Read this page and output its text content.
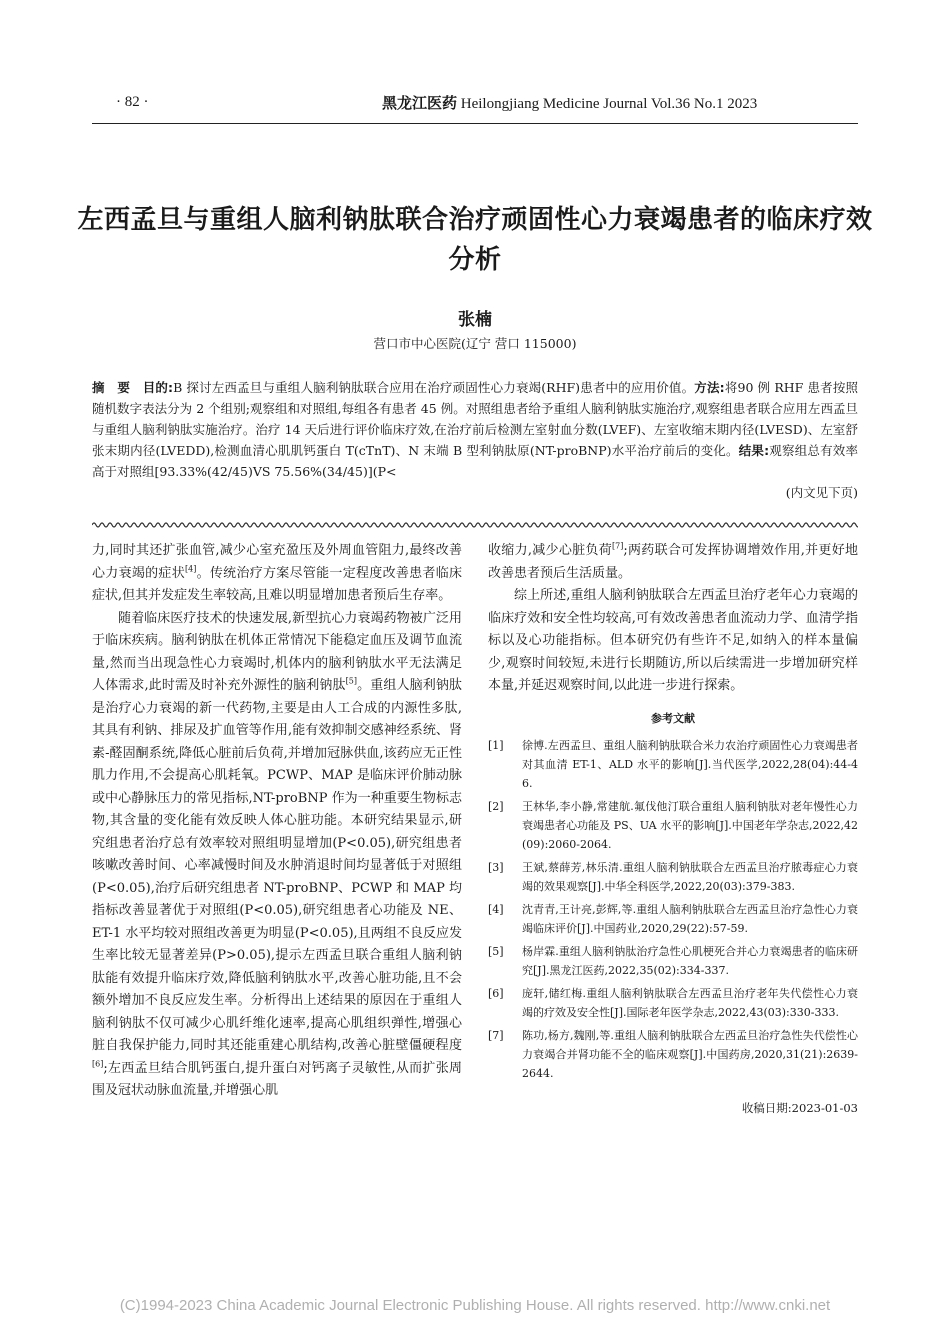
· 82 ·	黑龙江医药 Heilongjiang Medicine Journal Vol.36 No.1 2023
左西孟旦与重组人脑利钠肽联合治疗顽固性心力衰竭患者的临床疗效分析
张楠
营口市中心医院(辽宁 营口 115000)
摘　要　目的:B 探讨左西孟旦与重组人脑利钠肽联合应用在治疗顽固性心力衰竭(RHF)患者中的应用价值。方法:将90 例 RHF 患者按照随机数字表法分为 2 个组别;观察组和对照组,每组各有患者 45 例。对照组患者给予重组人脑利钠肽实施治疗,观察组患者联合应用左西孟旦与重组人脑利钠肽实施治疗。治疗 14 天后进行评价临床疗效,在治疗前后检测左室射血分数(LVEF)、左室收缩末期内径(LVESD)、左室舒张末期内径(LVEDD),检测血清心肌肌钙蛋白 T(cTnT)、N 末端 B 型利钠肽原(NT-proBNP)水平治疗前后的变化。结果:观察组总有效率高于对照组[93.33%(42/45)VS 75.56%(34/45)](P<
(内文见下页)

力,同时其还扩张血管,减少心室充盈压及外周血管阻力,最终改善心力衰竭的症状[4]。传统治疗方案尽管能一定程度改善患者临床症状,但其并发症发生率较高,且难以明显增加患者预后生存率。

随着临床医疗技术的快速发展,新型抗心力衰竭药物被广泛用于临床疾病。脑利钠肽在机体正常情况下能稳定血压及调节血流量,然而当出现急性心力衰竭时,机体内的脑利钠肽水平无法满足人体需求,此时需及时补充外源性的脑利钠肽[5]。重组人脑利钠肽是治疗心力衰竭的新一代药物,主要是由人工合成的内源性多肽,其具有利钠、排尿及扩血管等作用,能有效抑制交感神经系统、肾素-醛固酮系统,降低心脏前后负荷,并增加冠脉供血,该药应无正性肌力作用,不会提高心肌耗氧。PCWP、MAP 是临床评价肺动脉或中心静脉压力的常见指标,NT-proBNP 作为一种重要生物标志物,其含量的变化能有效反映人体心脏功能。本研究结果显示,研究组患者治疗总有效率较对照组明显增加(P<0.05),研究组患者咳嗽改善时间、心率减慢时间及水肿消退时间均显著低于对照组(P<0.05),治疗后研究组患者 NT-proBNP、PCWP 和 MAP 均指标改善显著优于对照组(P<0.05),研究组患者心功能及 NE、ET-1 水平均较对照组改善更为明显(P<0.05),且两组不良反应发生率比较无显著差异(P>0.05),提示左西孟旦联合重组人脑利钠肽能有效提升临床疗效,降低脑利钠肽水平,改善心脏功能,且不会额外增加不良反应发生率。分析得出上述结果的原因在于重组人脑利钠肽不仅可减少心肌纤维化速率,提高心肌组织弹性,增强心脏自我保护能力,同时其还能重建心肌结构,改善心脏壁僵硬程度[6];左西孟旦结合肌钙蛋白,提升蛋白对钙离子灵敏性,从而扩张周围及冠状动脉血流量,并增强心肌

收缩力,减少心脏负荷[7];两药联合可发挥协调增效作用,并更好地改善患者预后生活质量。

综上所述,重组人脑利钠肽联合左西孟旦治疗老年心力衰竭的临床疗效和安全性均较高,可有效改善患者血流动力学、血清学指标以及心功能指标。但本研究仍有些许不足,如纳入的样本量偏少,观察时间较短,未进行长期随访,所以后续需进一步增加研究样本量,并延迟观察时间,以此进一步进行探索。

参考文献
[1]	徐博.左西孟旦、重组人脑利钠肽联合米力农治疗顽固性心力衰竭患者对其血清 ET-1、ALD 水平的影响[J].当代医学,2022,28(04):44-46.
[2]	王林华,李小静,常建航.氟伐他汀联合重组人脑利钠肽对老年慢性心力衰竭患者心功能及 PS、UA 水平的影响[J].中国老年学杂志,2022,42(09):2060-2064.
[3]	王斌,蔡薛芳,林乐清.重组人脑利钠肽联合左西孟旦治疗脓毒症心力衰竭的效果观察[J].中华全科医学,2022,20(03):379-383.
[4]	沈青青,王计亮,彭辉,等.重组人脑利钠肽联合左西孟旦治疗急性心力衰竭临床评价[J].中国药业,2020,29(22):57-59.
[5]	杨岸霖.重组人脑利钠肽治疗急性心肌梗死合并心力衰竭患者的临床研究[J].黑龙江医药,2022,35(02):334-337.
[6]	庞轩,储红梅.重组人脑利钠肽联合左西孟旦治疗老年失代偿性心力衰竭的疗效及安全性[J].国际老年医学杂志,2022,43(03):330-333.
[7]	陈功,杨方,魏刚,等.重组人脑利钠肽联合左西孟旦治疗急性失代偿性心力衰竭合并肾功能不全的临床观察[J].中国药房,2020,31(21):2639-2644.
收稿日期:2023-01-03
(C)1994-2023 China Academic Journal Electronic Publishing House. All rights reserved. http://www.cnki.net
